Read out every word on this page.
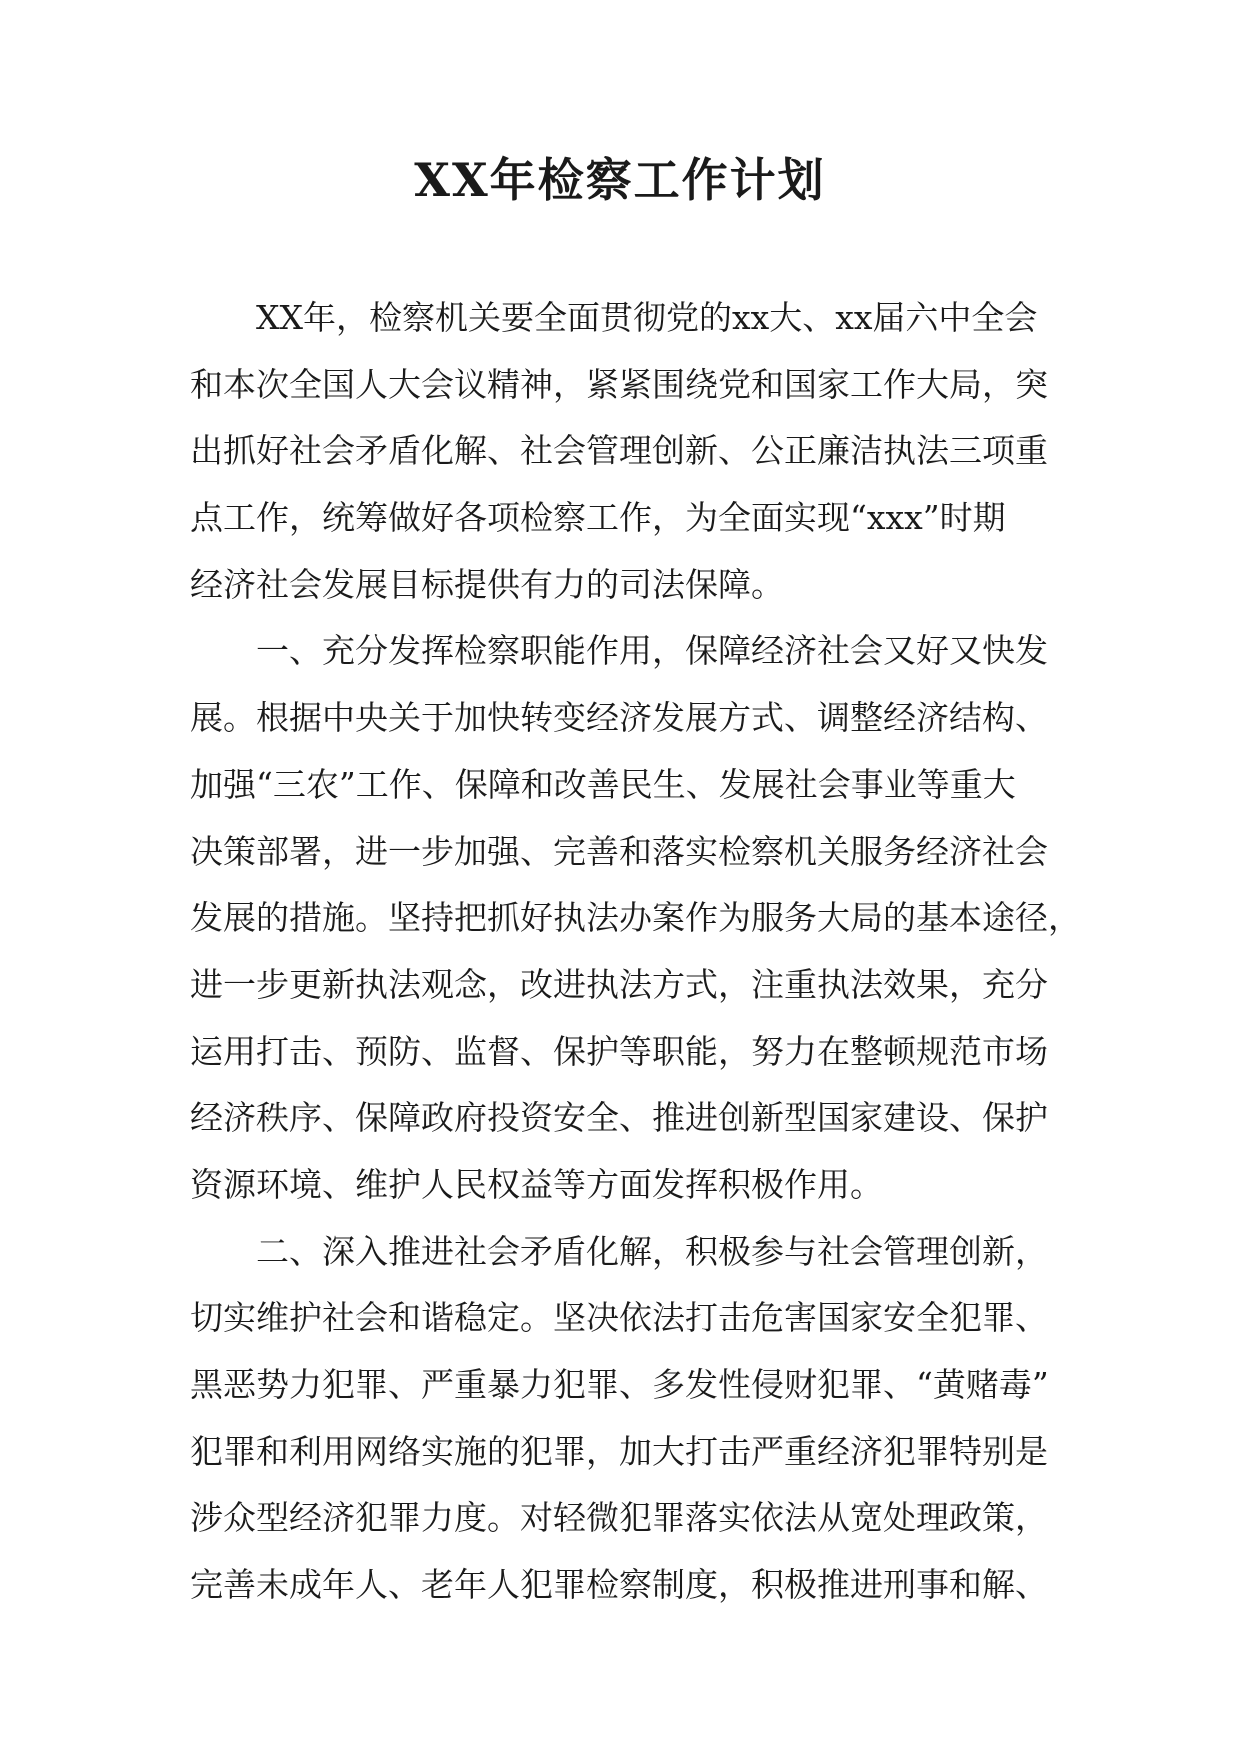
XX年检察工作计划
XX年，检察机关要全面贯彻党的xx大、xx届六中全会
和本次全国人大会议精神，紧紧围绕党和国家工作大局，突
出抓好社会矛盾化解、社会管理创新、公正廉洁执法三项重
点工作，统筹做好各项检察工作，为全面实现“xxx”时期
经济社会发展目标提供有力的司法保障。
一、充分发挥检察职能作用，保障经济社会又好又快发
展。根据中央关于加快转变经济发展方式、调整经济结构、
加强“三农”工作、保障和改善民生、发展社会事业等重大
决策部署，进一步加强、完善和落实检察机关服务经济社会
发展的措施。坚持把抓好执法办案作为服务大局的基本途径，
进一步更新执法观念，改进执法方式，注重执法效果，充分
运用打击、预防、监督、保护等职能，努力在整顿规范市场
经济秩序、保障政府投资安全、推进创新型国家建设、保护
资源环境、维护人民权益等方面发挥积极作用。
二、深入推进社会矛盾化解，积极参与社会管理创新，
切实维护社会和谐稳定。坚决依法打击危害国家安全犯罪、
黑恶势力犯罪、严重暴力犯罪、多发性侵财犯罪、“黄赌毒”
犯罪和利用网络实施的犯罪，加大打击严重经济犯罪特别是
涉众型经济犯罪力度。对轻微犯罪落实依法从宽处理政策，
完善未成年人、老年人犯罪检察制度，积极推进刑事和解、
